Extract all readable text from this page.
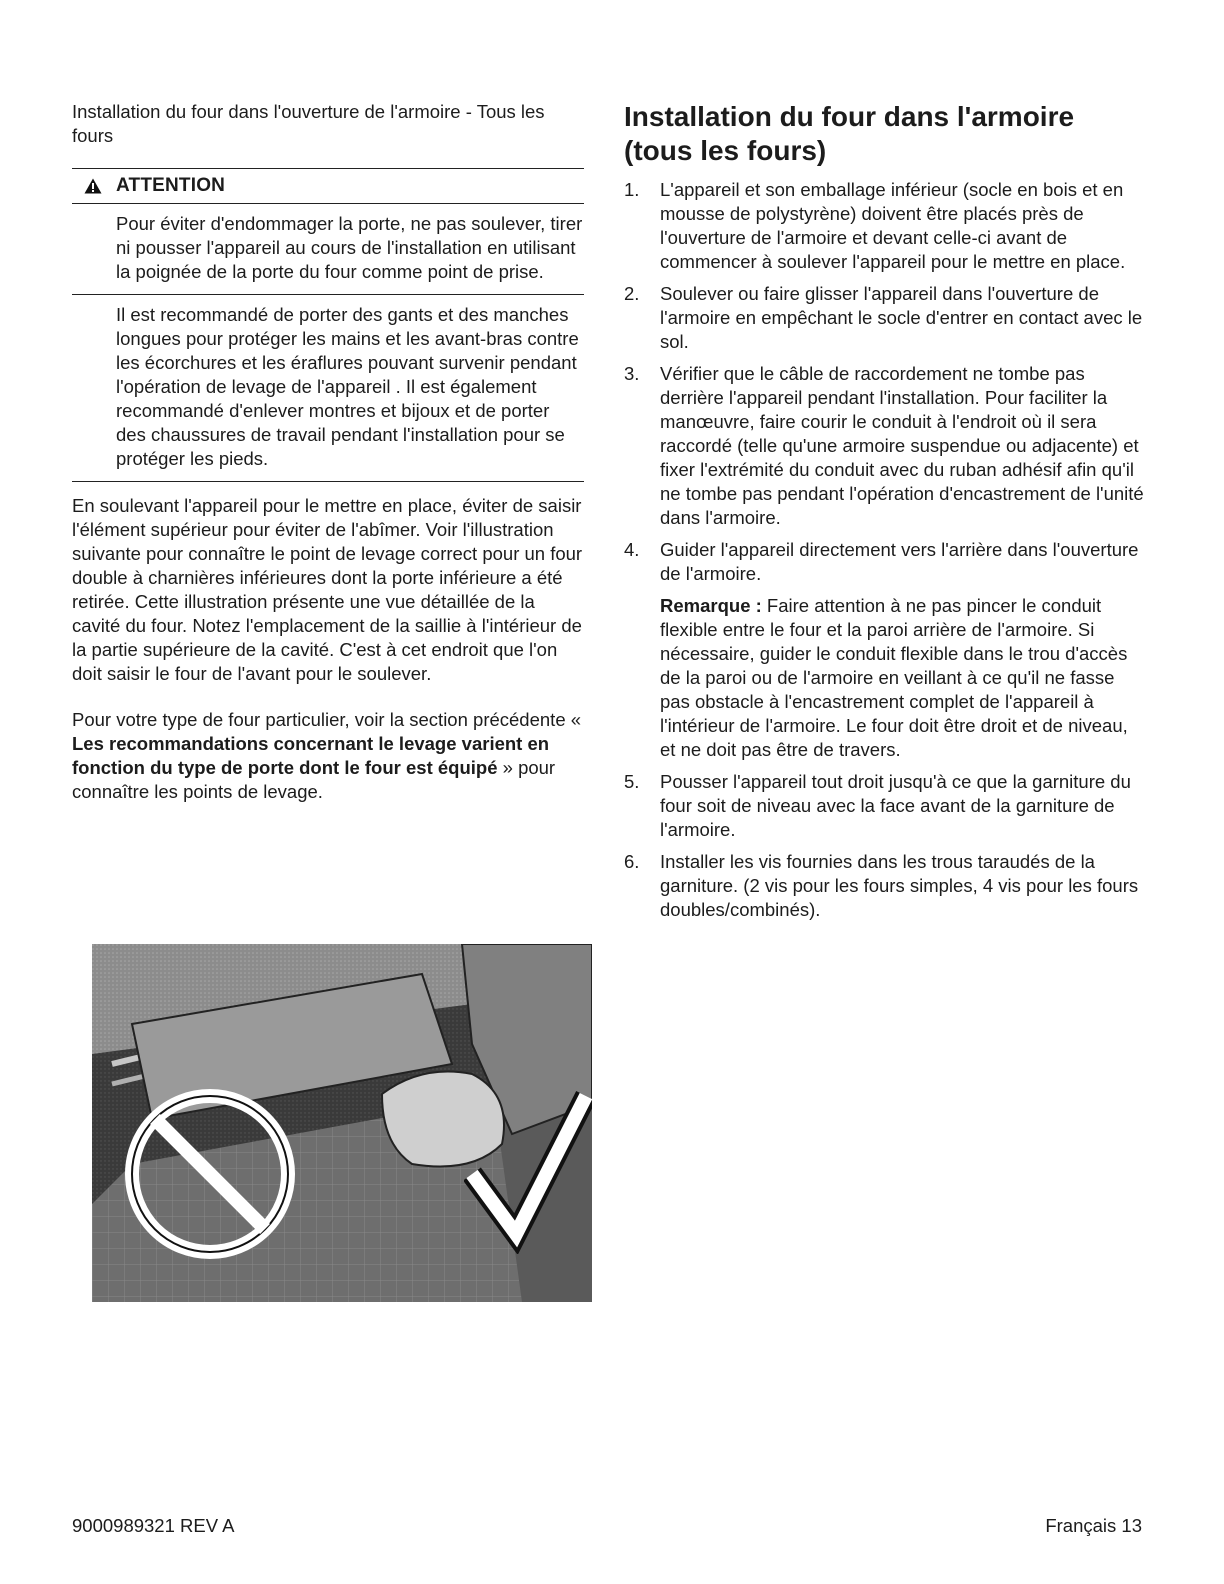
Installation du four dans l'ouverture de l'armoire - Tous les fours

ATTENTION

Pour éviter d'endommager la porte, ne pas soulever, tirer ni pousser l'appareil au cours de l'installation en utilisant la poignée de la porte du four comme point de prise.

Il est recommandé de porter des gants et des manches longues pour protéger les mains et les avant-bras contre les écorchures et les éraflures pouvant survenir pendant l'opération de levage de l'appareil . Il est également recommandé d'enlever montres et bijoux et de porter des chaussures de travail pendant l'installation pour se protéger les pieds.

En soulevant l'appareil pour le mettre en place, éviter de saisir l'élément supérieur pour éviter de l'abîmer. Voir l'illustration suivante pour connaître le point de levage correct pour un four double à charnières inférieures dont la porte inférieure a été retirée. Cette illustration présente une vue détaillée de la cavité du four. Notez l'emplacement de la saillie à l'intérieur de la partie supérieure de la cavité. C'est à cet endroit que l'on doit saisir le four de l'avant pour le soulever.

Pour votre type de four particulier, voir la section précédente « Les recommandations concernant le levage varient en fonction du type de porte dont le four est équipé » pour connaître les points de levage.

Installation du four dans l'armoire (tous les fours)
1.	L'appareil et son emballage inférieur (socle en bois et en mousse de polystyrène) doivent être placés près de l'ouverture de l'armoire et devant celle-ci avant de commencer à soulever l'appareil pour le mettre en place.

2.	Soulever ou faire glisser l'appareil dans l'ouverture de l'armoire en empêchant le socle d'entrer en contact avec le sol.

3.	Vérifier que le câble de raccordement ne tombe pas derrière l'appareil pendant l'installation. Pour faciliter la manœuvre, faire courir le conduit à l'endroit où il sera raccordé (telle qu'une armoire suspendue ou adjacente) et fixer l'extrémité du conduit avec du ruban adhésif afin qu'il ne tombe pas pendant l'opération d'encastrement de l'unité dans l'armoire.

4.	Guider l'appareil directement vers l'arrière dans l'ouverture de l'armoire.

Remarque : Faire attention à ne pas pincer le conduit flexible entre le four et la paroi arrière de l'armoire. Si nécessaire, guider le conduit flexible dans le trou d'accès de la paroi ou de l'armoire en veillant à ce qu'il ne fasse pas obstacle à l'encastrement complet de l'appareil à l'intérieur de l'armoire. Le four doit être droit et de niveau, et ne doit pas être de travers.

5.	Pousser l'appareil tout droit jusqu'à ce que la garniture du four soit de niveau avec la face avant de la garniture de l'armoire.

6.	Installer les vis fournies dans les trous taraudés de la garniture. (2 vis pour les fours simples, 4 vis pour les fours doubles/combinés).

9000989321 REV A	Français 13
